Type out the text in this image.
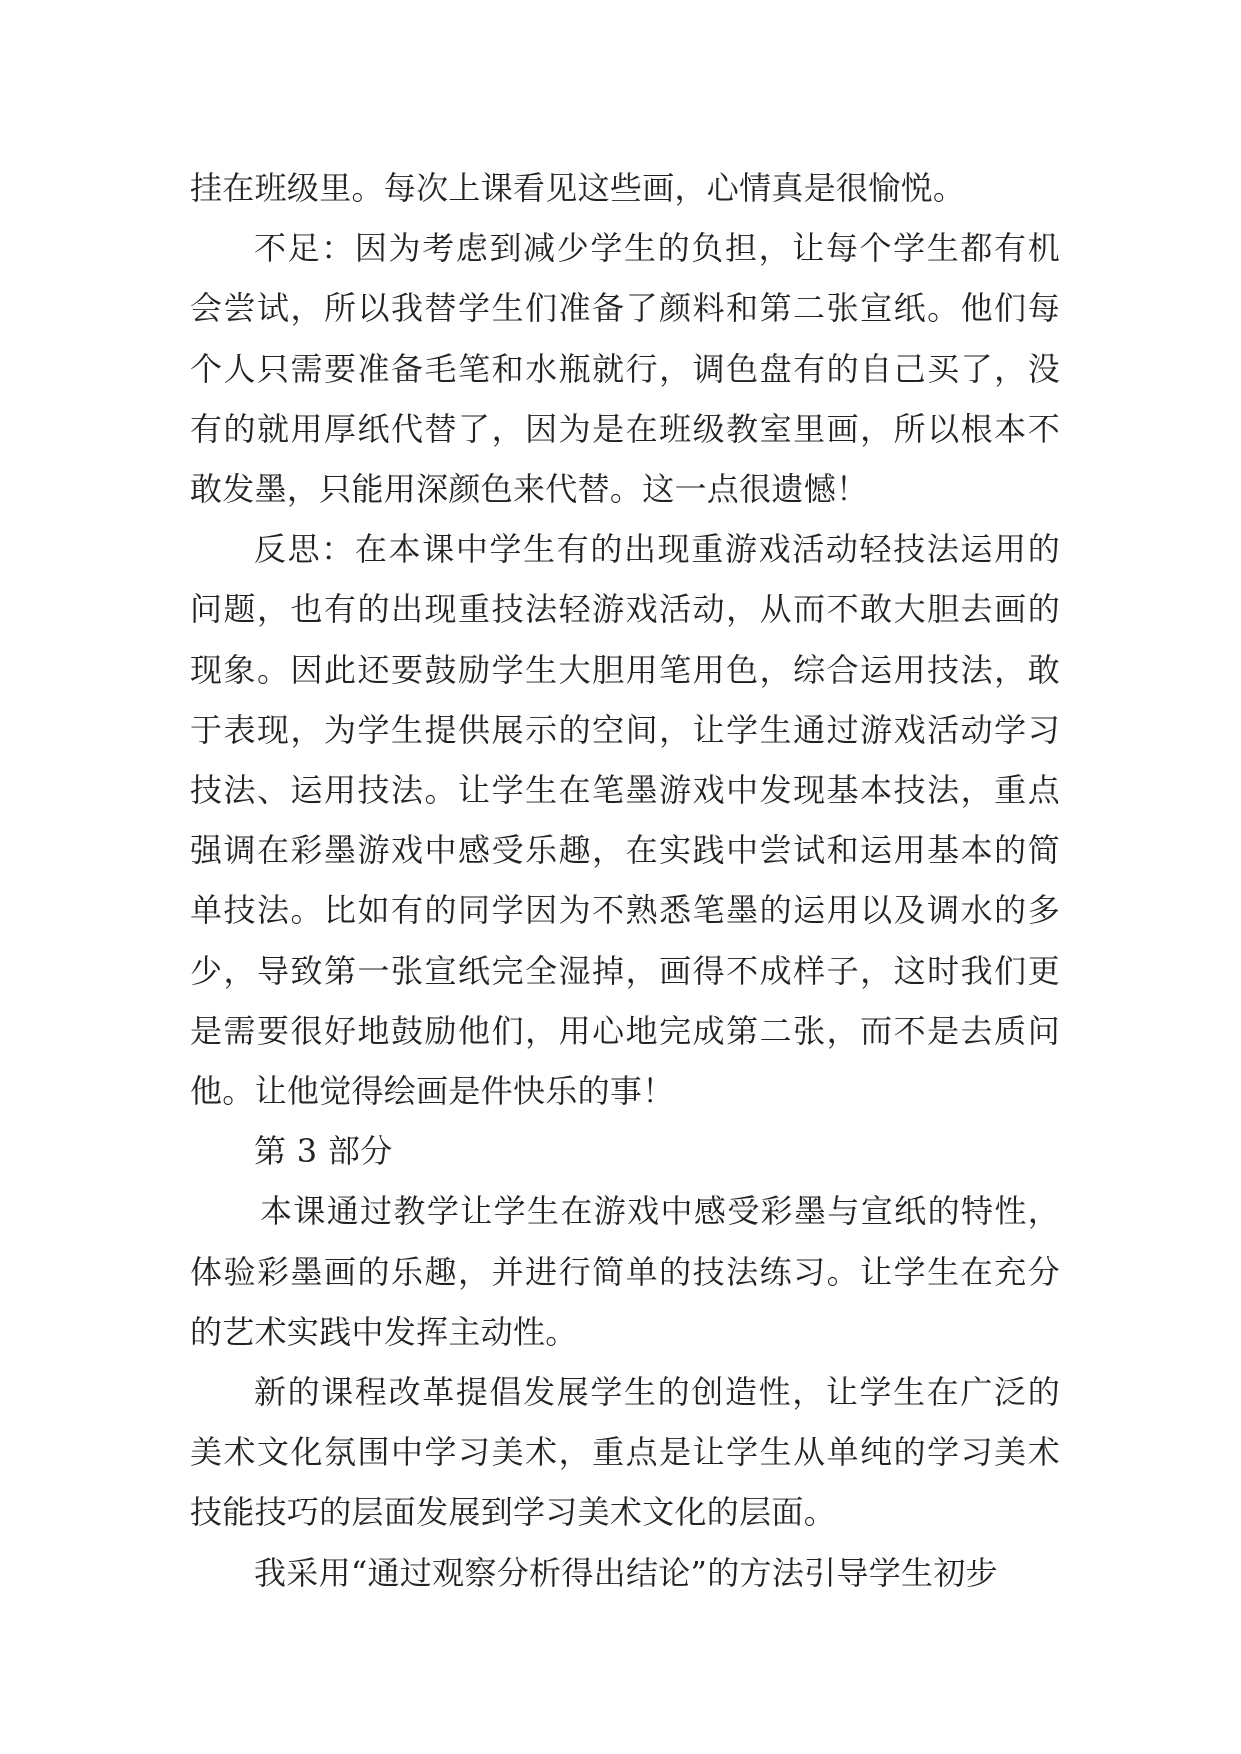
挂在班级里。每次上课看见这些画，心情真是很愉悦。

不足：因为考虑到减少学生的负担，让每个学生都有机会尝试，所以我替学生们准备了颜料和第二张宣纸。他们每个人只需要准备毛笔和水瓶就行，调色盘有的自己买了，没有的就用厚纸代替了，因为是在班级教室里画，所以根本不敢发墨，只能用深颜色来代替。这一点很遗憾！

反思：在本课中学生有的出现重游戏活动轻技法运用的问题，也有的出现重技法轻游戏活动，从而不敢大胆去画的现象。因此还要鼓励学生大胆用笔用色，综合运用技法，敢于表现，为学生提供展示的空间，让学生通过游戏活动学习技法、运用技法。让学生在笔墨游戏中发现基本技法，重点强调在彩墨游戏中感受乐趣，在实践中尝试和运用基本的简单技法。比如有的同学因为不熟悉笔墨的运用以及调水的多少，导致第一张宣纸完全湿掉，画得不成样子，这时我们更是需要很好地鼓励他们，用心地完成第二张，而不是去质问他。让他觉得绘画是件快乐的事！

第 3 部分

本课通过教学让学生在游戏中感受彩墨与宣纸的特性，体验彩墨画的乐趣，并进行简单的技法练习。让学生在充分的艺术实践中发挥主动性。

新的课程改革提倡发展学生的创造性，让学生在广泛的美术文化氛围中学习美术，重点是让学生从单纯的学习美术技能技巧的层面发展到学习美术文化的层面。

我采用“通过观察分析得出结论”的方法引导学生初步
